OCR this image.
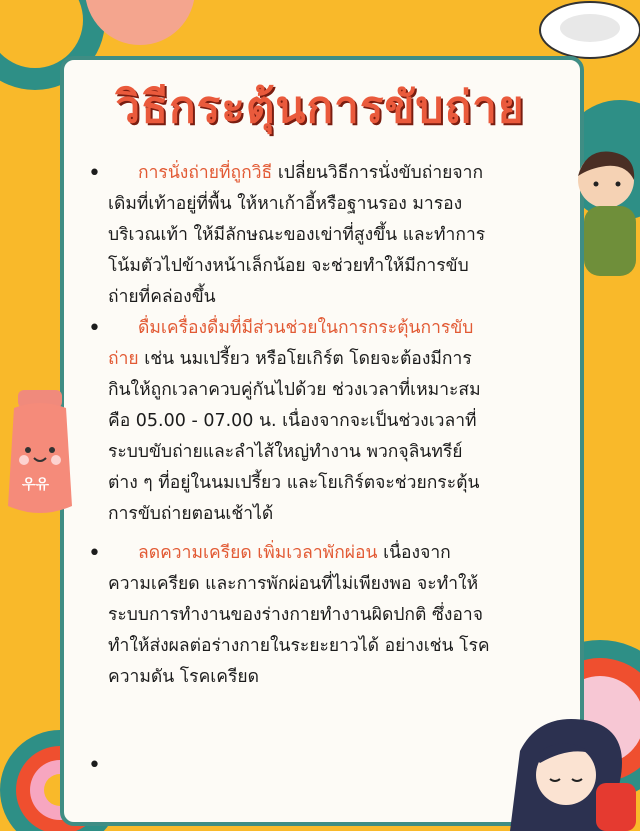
วิธีกระตุ้นการขับถ่าย
우유
•	การนั่งถ่ายที่ถูกวิธี เปลี่ยนวิธีการนั่งขับถ่ายจาก
เดิมที่เท้าอยู่ที่พื้น ให้หาเก้าอี้หรือฐานรอง มารอง
บริเวณเท้า ให้มีลักษณะของเข่าที่สูงขึ้น และทำการ
โน้มตัวไปข้างหน้าเล็กน้อย จะช่วยทำให้มีการขับ
ถ่ายที่คล่องขึ้น
•	ดื่มเครื่องดื่มที่มีส่วนช่วยในการกระตุ้นการขับ
ถ่าย เช่น นมเปรี้ยว หรือโยเกิร์ต โดยจะต้องมีการ
กินให้ถูกเวลาควบคู่กันไปด้วย ช่วงเวลาที่เหมาะสม
คือ 05.00 - 07.00 น. เนื่องจากจะเป็นช่วงเวลาที่
ระบบขับถ่ายและลำไส้ใหญ่ทำงาน พวกจุลินทรีย์
ต่าง ๆ ที่อยู่ในนมเปรี้ยว และโยเกิร์ตจะช่วยกระตุ้น
การขับถ่ายตอนเช้าได้
•	ลดความเครียด เพิ่มเวลาพักผ่อน เนื่องจาก
ความเครียด และการพักผ่อนที่ไม่เพียงพอ จะทำให้
ระบบการทำงานของร่างกายทำงานผิดปกติ ซึ่งอาจ
ทำให้ส่งผลต่อร่างกายในระยะยาวได้ อย่างเช่น โรค
ความดัน โรคเครียด
•
